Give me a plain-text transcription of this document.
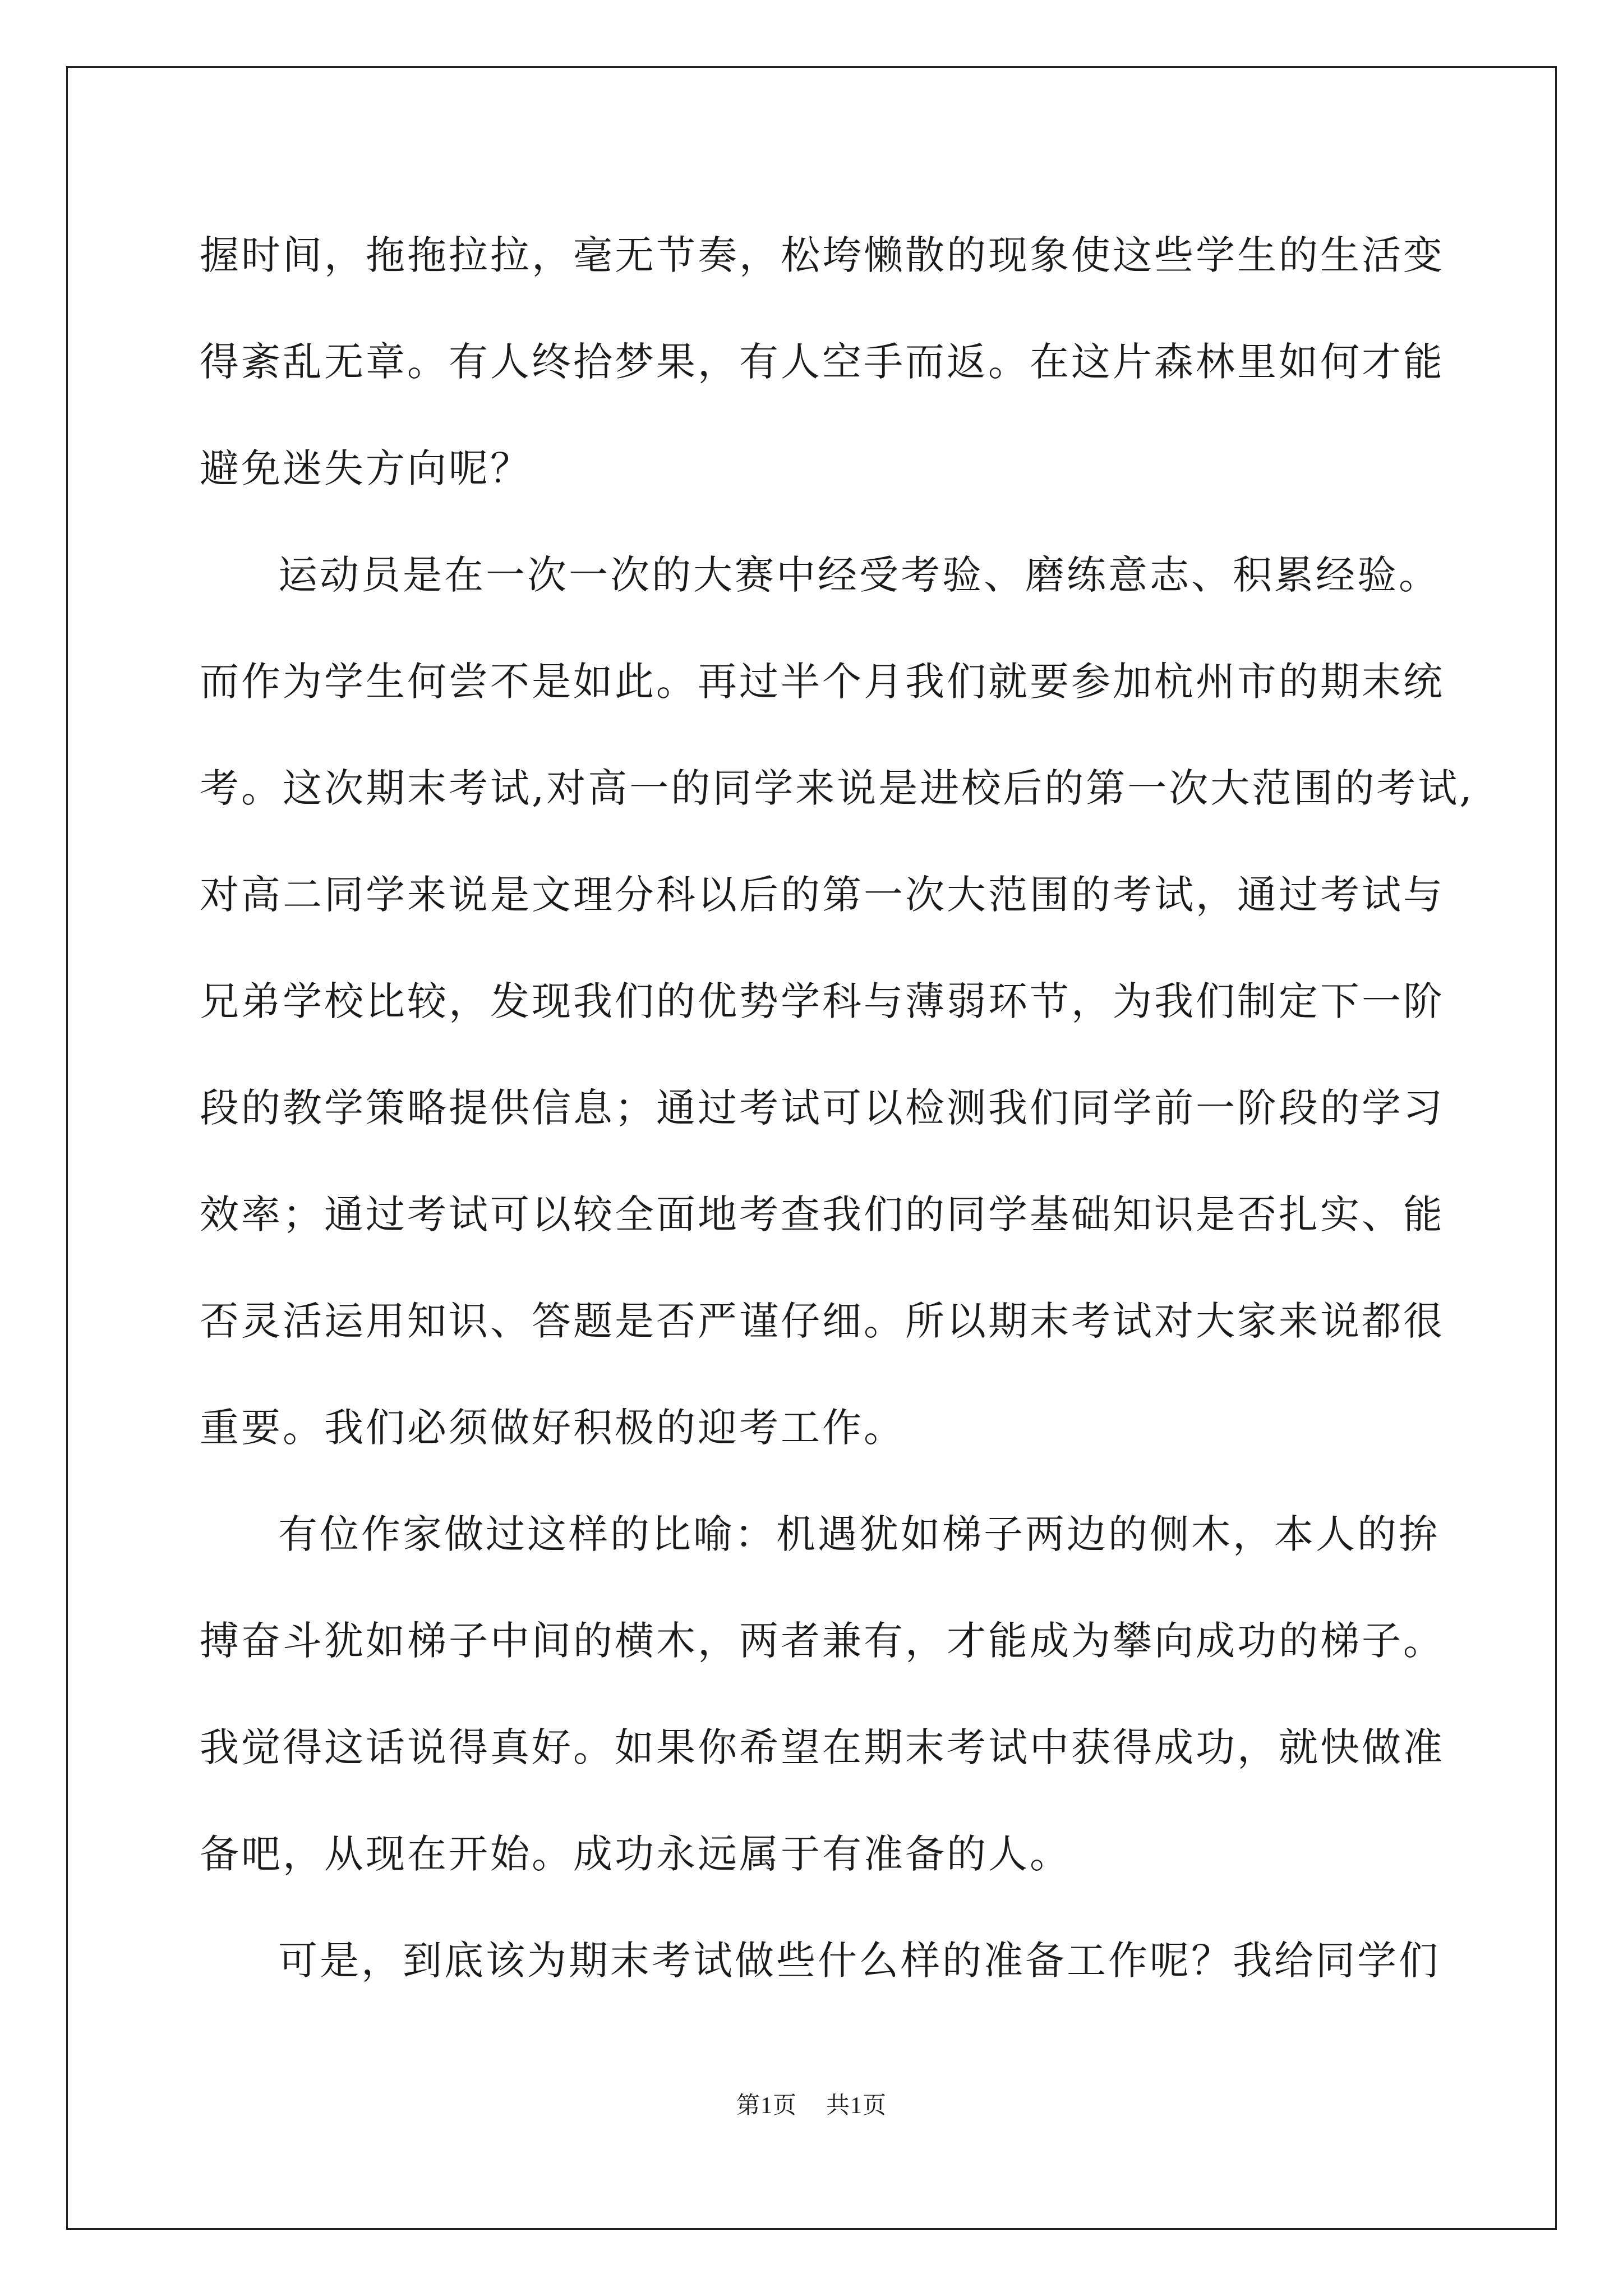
握时间，拖拖拉拉，毫无节奏，松垮懒散的现象使这些学生的生活变
得紊乱无章。有人终拾梦果，有人空手而返。在这片森林里如何才能
避免迷失方向呢？
运动员是在一次一次的大赛中经受考验、磨练意志、积累经验。
而作为学生何尝不是如此。再过半个月我们就要参加杭州市的期末统
考。这次期末考试,对高一的同学来说是进校后的第一次大范围的考试,
对高二同学来说是文理分科以后的第一次大范围的考试，通过考试与
兄弟学校比较，发现我们的优势学科与薄弱环节，为我们制定下一阶
段的教学策略提供信息；通过考试可以检测我们同学前一阶段的学习
效率；通过考试可以较全面地考查我们的同学基础知识是否扎实、能
否灵活运用知识、答题是否严谨仔细。所以期末考试对大家来说都很
重要。我们必须做好积极的迎考工作。
有位作家做过这样的比喻：机遇犹如梯子两边的侧木，本人的拚
搏奋斗犹如梯子中间的横木，两者兼有，才能成为攀向成功的梯子。
我觉得这话说得真好。如果你希望在期末考试中获得成功，就快做准
备吧，从现在开始。成功永远属于有准备的人。
可是，到底该为期末考试做些什么样的准备工作呢？我给同学们
第1页 共1页
